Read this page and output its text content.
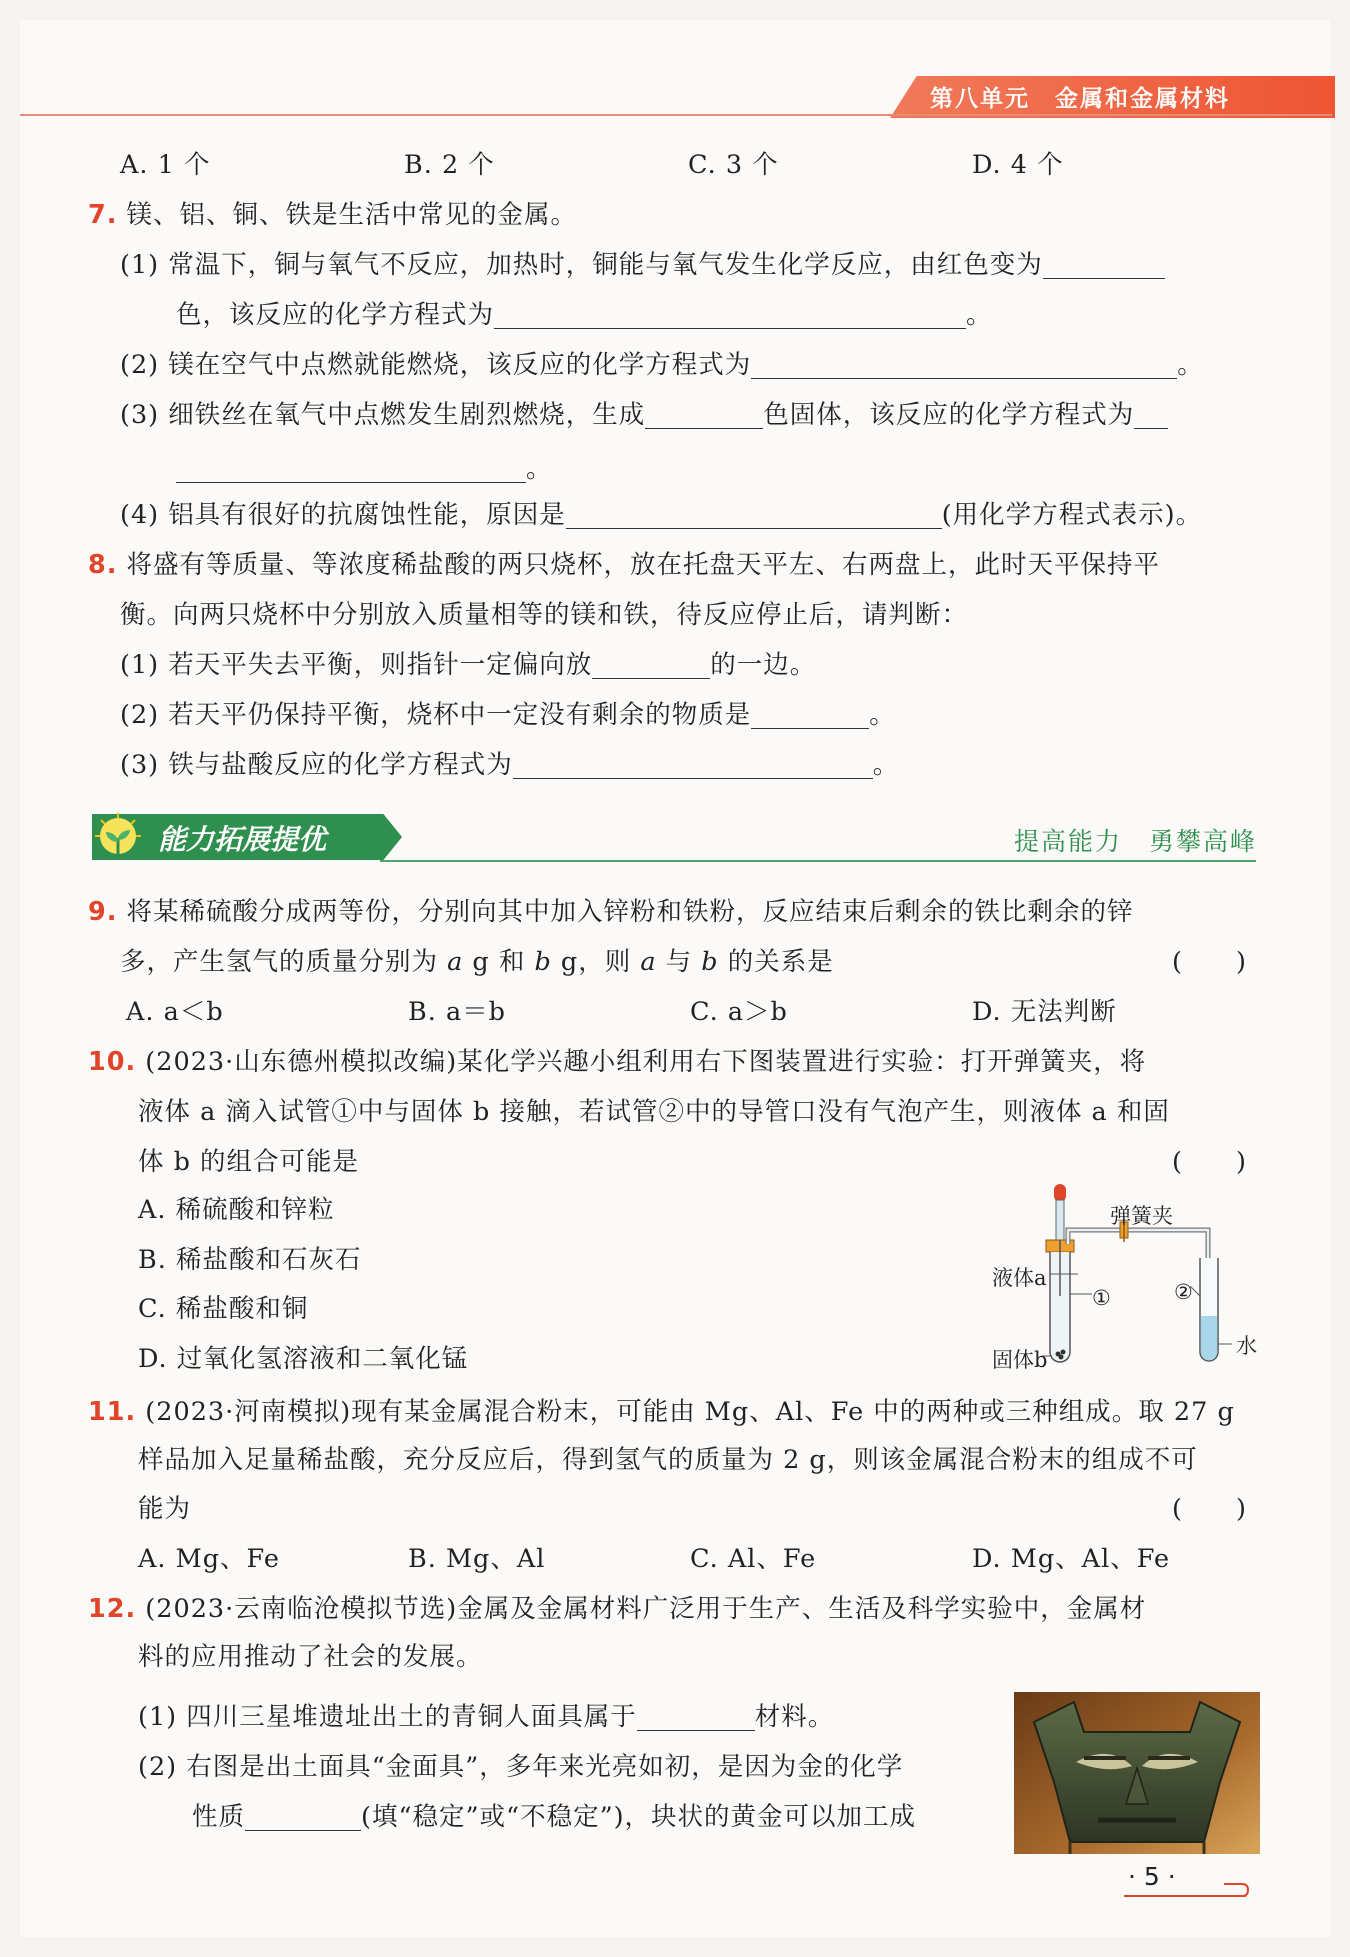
第八单元　金属和金属材料
A. 1 个	B. 2 个	C. 3 个	D. 4 个
7. 镁、铝、铜、铁是生活中常见的金属。
(1) 常温下，铜与氧气不反应，加热时，铜能与氧气发生化学反应，由红色变为
色，该反应的化学方程式为	。
(2) 镁在空气中点燃就能燃烧，该反应的化学方程式为	。
(3) 细铁丝在氧气中点燃发生剧烈燃烧，生成	色固体，该反应的化学方程式为
。
(4) 铝具有很好的抗腐蚀性能，原因是	(用化学方程式表示)。
8. 将盛有等质量、等浓度稀盐酸的两只烧杯，放在托盘天平左、右两盘上，此时天平保持平
衡。向两只烧杯中分别放入质量相等的镁和铁，待反应停止后，请判断：
(1) 若天平失去平衡，则指针一定偏向放	的一边。
(2) 若天平仍保持平衡，烧杯中一定没有剩余的物质是	。
(3) 铁与盐酸反应的化学方程式为	。
能力拓展提优	提高能力　勇攀高峰
9. 将某稀硫酸分成两等份，分别向其中加入锌粉和铁粉，反应结束后剩余的铁比剩余的锌
多，产生氢气的质量分别为 a g 和 b g，则 a 与 b 的关系是	(　　)
A. a＜b	B. a＝b	C. a＞b	D. 无法判断
10. (2023·山东德州模拟改编)某化学兴趣小组利用右下图装置进行实验：打开弹簧夹，将
液体 a 滴入试管①中与固体 b 接触，若试管②中的导管口没有气泡产生，则液体 a 和固
体 b 的组合可能是	(　　)
A. 稀硫酸和锌粒
B. 稀盐酸和石灰石
C. 稀盐酸和铜
D. 过氧化氢溶液和二氧化锰
弹簧夹
液体a
①	②
水
固体b
11. (2023·河南模拟)现有某金属混合粉末，可能由 Mg、Al、Fe 中的两种或三种组成。取 27 g
样品加入足量稀盐酸，充分反应后，得到氢气的质量为 2 g，则该金属混合粉末的组成不可
能为	(　　)
A. Mg、Fe	B. Mg、Al	C. Al、Fe	D. Mg、Al、Fe
12. (2023·云南临沧模拟节选)金属及金属材料广泛用于生产、生活及科学实验中，金属材
料的应用推动了社会的发展。
(1) 四川三星堆遗址出土的青铜人面具属于	材料。
(2) 右图是出土面具“金面具”，多年来光亮如初，是因为金的化学
性质	(填“稳定”或“不稳定”)，块状的黄金可以加工成
· 5 ·
